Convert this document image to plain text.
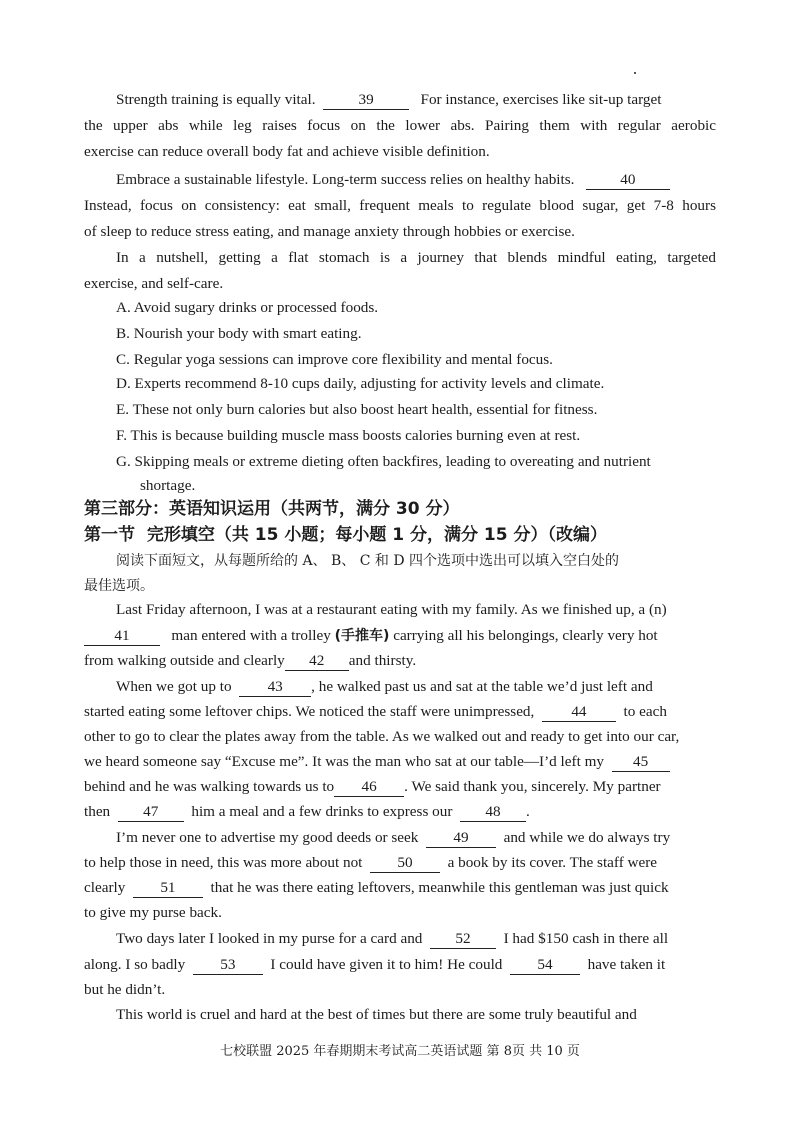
Strength training is equally vital.	39	For instance, exercises like sit-up target
the upper abs while leg raises focus on the lower abs. Pairing them with regular aerobic
exercise can reduce overall body fat and achieve visible definition.
Embrace a sustainable lifestyle. Long-term success relies on healthy habits.	40
Instead, focus on consistency: eat small, frequent meals to regulate blood sugar, get 7-8 hours
of sleep to reduce stress eating, and manage anxiety through hobbies or exercise.
In a nutshell, getting a flat stomach is a journey that blends mindful eating, targeted
exercise, and self-care.
A. Avoid sugary drinks or processed foods.
B. Nourish your body with smart eating.
C. Regular yoga sessions can improve core flexibility and mental focus.
D. Experts recommend 8-10 cups daily, adjusting for activity levels and climate.
E. These not only burn calories but also boost heart health, essential for fitness.
F. This is because building muscle mass boosts calories burning even at rest.
G. Skipping meals or extreme dieting often backfires, leading to overeating and nutrient
shortage.
第三部分：英语知识运用（共两节，满分 30 分）
第一节  完形填空（共 15 小题；每小题 1 分，满分 15 分）（改编）
阅读下面短文，从每题所给的 A、 B、 C 和 D 四个选项中选出可以填入空白处的
最佳选项。
Last Friday afternoon, I was at a restaurant eating with my family. As we finished up, a (n)
41	man entered with a trolley (手推车) carrying all his belongings, clearly very hot
from walking outside and clearly 42 and thirsty.
When we got up to 43 , he walked past us and sat at the table we’d just left and
started eating some leftover chips. We noticed the staff were unimpressed, 44 to each
other to go to clear the plates away from the table. As we walked out and ready to get into our car,
we heard someone say “Excuse me”. It was the man who sat at our table—I’d left my 45
behind and he was walking towards us to 46 . We said thank you, sincerely. My partner
then 47 him a meal and a few drinks to express our 48 .
I’m never one to advertise my good deeds or seek 49 and while we do always try
to help those in need, this was more about not 50 a book by its cover. The staff were
clearly 51 that he was there eating leftovers, meanwhile this gentleman was just quick
to give my purse back.
Two days later I looked in my purse for a card and 52 I had $150 cash in there all
along. I so badly 53 I could have given it to him! He could 54 have taken it
but he didn’t.
This world is cruel and hard at the best of times but there are some truly beautiful and
七校联盟 2025 年春期期末考试高二英语试题 第 8页 共 10 页
